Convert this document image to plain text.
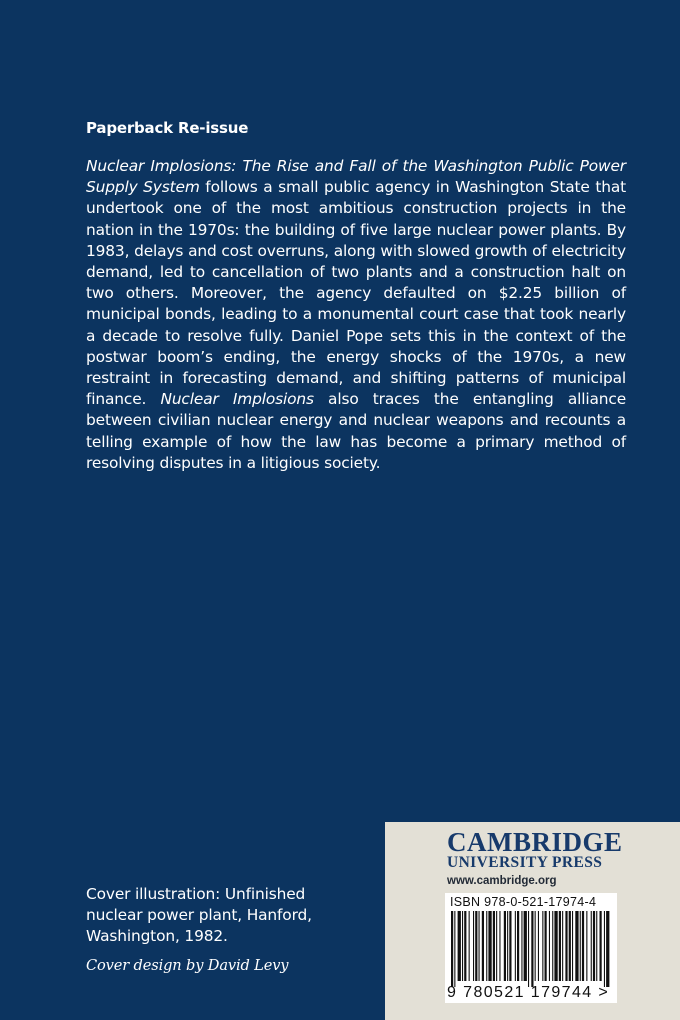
Paperback Re-issue

Nuclear Implosions: The Rise and Fall of the Washington Public Power Supply System follows a small public agency in Washington State that undertook one of the most ambitious construction projects in the nation in the 1970s: the building of five large nuclear power plants. By 1983, delays and cost overruns, along with slowed growth of electricity demand, led to cancellation of two plants and a construction halt on two others. Moreover, the agency defaulted on $2.25 billion of municipal bonds, leading to a monumental court case that took nearly a decade to resolve fully. Daniel Pope sets this in the context of the postwar boom’s ending, the energy shocks of the 1970s, a new restraint in forecasting demand, and shifting patterns of municipal finance. Nuclear Implosions also traces the entangling alliance between civilian nuclear energy and nuclear weapons and recounts a telling example of how the law has become a primary method of resolving disputes in a litigious society.

Cover illustration: Unfinished nuclear power plant, Hanford, Washington, 1982.

Cover design by David Levy

CAMBRIDGE
UNIVERSITY PRESS
www.cambridge.org
ISBN 978-0-521-17974-4
9 780521 179744 >
